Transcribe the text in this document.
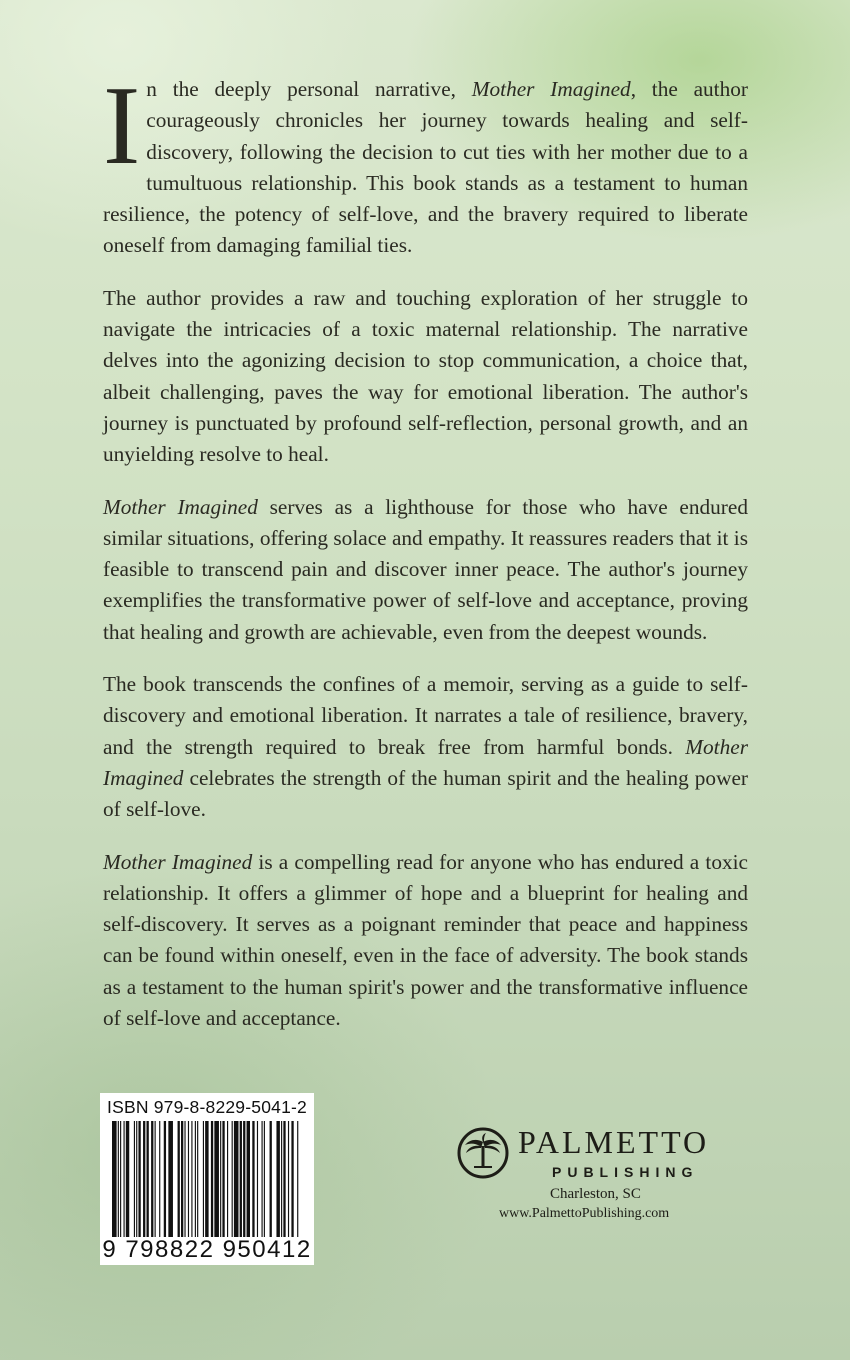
In the deeply personal narrative, Mother Imagined, the author courageously chronicles her journey towards healing and self-discovery, following the decision to cut ties with her mother due to a tumultuous relationship. This book stands as a testament to human resilience, the potency of self-love, and the bravery required to liberate oneself from damaging familial ties.

The author provides a raw and touching exploration of her struggle to navigate the intricacies of a toxic maternal relationship. The narrative delves into the agonizing decision to stop communication, a choice that, albeit challenging, paves the way for emotional liberation. The author's journey is punctuated by profound self-reflection, personal growth, and an unyielding resolve to heal.

Mother Imagined serves as a lighthouse for those who have endured similar situations, offering solace and empathy. It reassures readers that it is feasible to transcend pain and discover inner peace. The author's journey exemplifies the transformative power of self-love and acceptance, proving that healing and growth are achievable, even from the deepest wounds.

The book transcends the confines of a memoir, serving as a guide to self-discovery and emotional liberation. It narrates a tale of resilience, bravery, and the strength required to break free from harmful bonds. Mother Imagined celebrates the strength of the human spirit and the healing power of self-love.

Mother Imagined is a compelling read for anyone who has endured a toxic relationship. It offers a glimmer of hope and a blueprint for healing and self-discovery. It serves as a poignant reminder that peace and happiness can be found within oneself, even in the face of adversity. The book stands as a testament to the human spirit's power and the transformative influence of self-love and acceptance.

ISBN 979-8-8229-5041-2
9 798822 950412
PALMETTO
PUBLISHING
Charleston, SC
www.PalmettoPublishing.com
